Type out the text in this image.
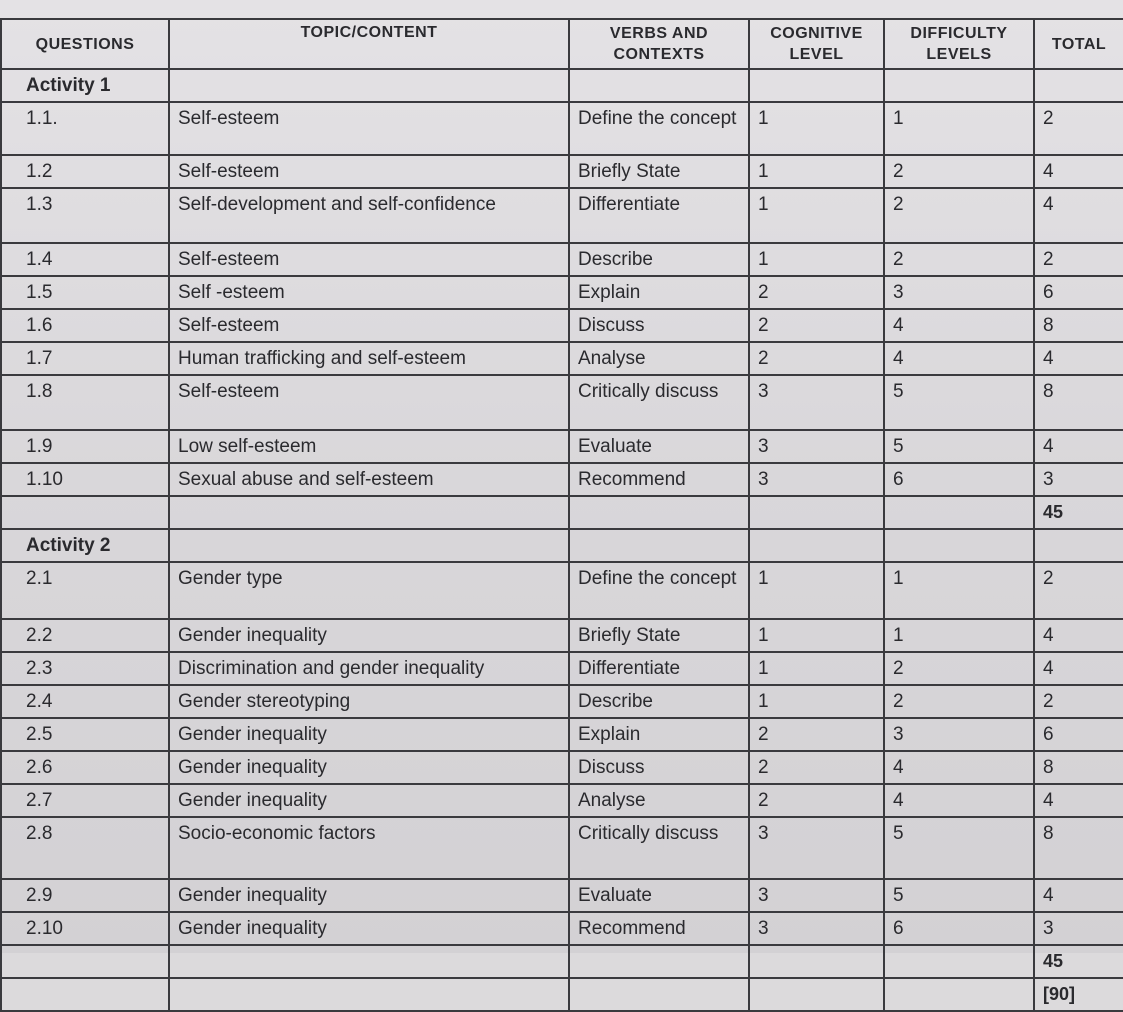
QUESTIONS	TOPIC/CONTENT	VERBS AND CONTEXTS	COGNITIVE LEVEL	DIFFICULTY LEVELS	TOTAL
Activity 1					
1.1.	Self-esteem	Define the concept	1	1	2
1.2	Self-esteem	Briefly State	1	2	4
1.3	Self-development and self-confidence	Differentiate	1	2	4
1.4	Self-esteem	Describe	1	2	2
1.5	Self -esteem	Explain	2	3	6
1.6	Self-esteem	Discuss	2	4	8
1.7	Human trafficking and self-esteem	Analyse	2	4	4
1.8	Self-esteem	Critically discuss	3	5	8
1.9	Low self-esteem	Evaluate	3	5	4
1.10	Sexual abuse and self-esteem	Recommend	3	6	3
					45
Activity 2					
2.1	Gender type	Define the concept	1	1	2
2.2	Gender inequality	Briefly State	1	1	4
2.3	Discrimination and gender inequality	Differentiate	1	2	4
2.4	Gender stereotyping	Describe	1	2	2
2.5	Gender inequality	Explain	2	3	6
2.6	Gender inequality	Discuss	2	4	8
2.7	Gender inequality	Analyse	2	4	4
2.8	Socio-economic factors	Critically discuss	3	5	8
2.9	Gender inequality	Evaluate	3	5	4
2.10	Gender inequality	Recommend	3	6	3
					45
					[90]
